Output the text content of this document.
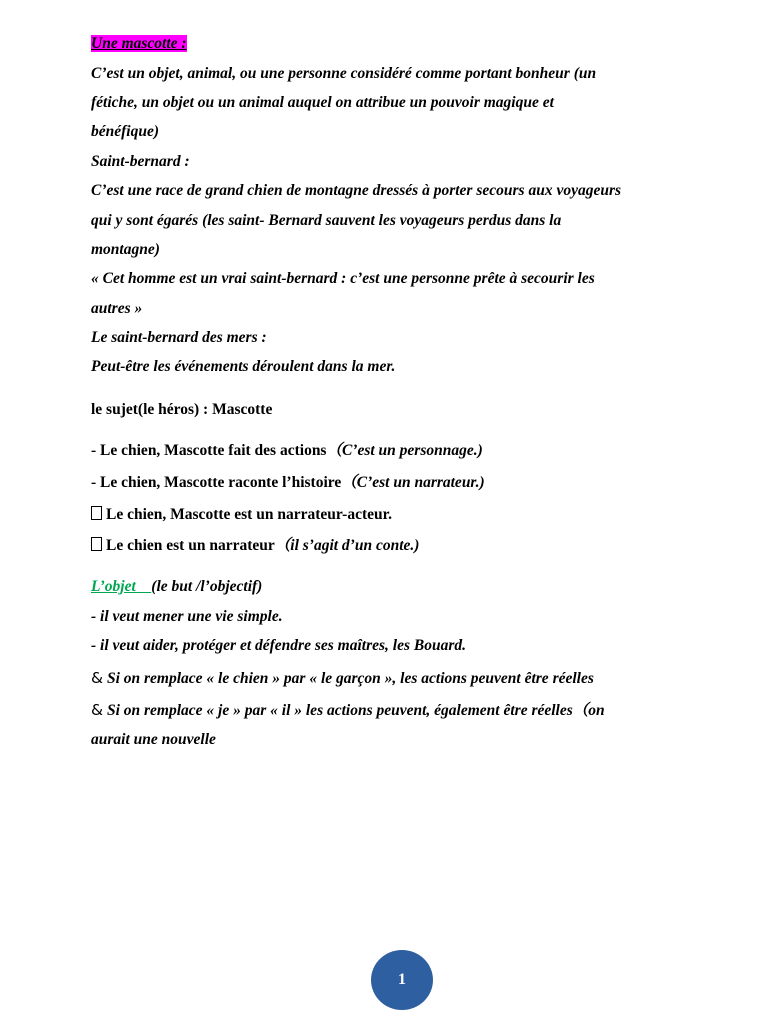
Une mascotte :
C’est un objet, animal, ou une personne considéré comme portant bonheur (un
fétiche, un objet ou un animal auquel on attribue un pouvoir magique et
bénéfique)
Saint-bernard :
C’est une race de grand chien de montagne dressés à porter secours aux voyageurs
qui y sont égarés (les saint- Bernard sauvent les voyageurs perdus dans la
montagne)
« Cet homme est un vrai saint-bernard : c’est une personne prête à secourir les
autres »
Le saint-bernard des mers :
Peut-être les événements déroulent dans la mer.
le sujet(le héros) : Mascotte
- Le chien, Mascotte fait des actions（C’est un personnage.)
- Le chien, Mascotte raconte l’histoire（C’est un narrateur.)
Le chien, Mascotte est un narrateur-acteur.
Le chien est un narrateur（il s’agit d’un conte.)
L’objet    (le but /l’objectif)
- il veut mener une vie simple.
- il veut aider, protéger et défendre ses maîtres, les Bouard.
& Si on remplace « le chien » par « le garçon », les actions peuvent être réelles
& Si on remplace « je » par « il » les actions peuvent, également être réelles（on
aurait une nouvelle
1
